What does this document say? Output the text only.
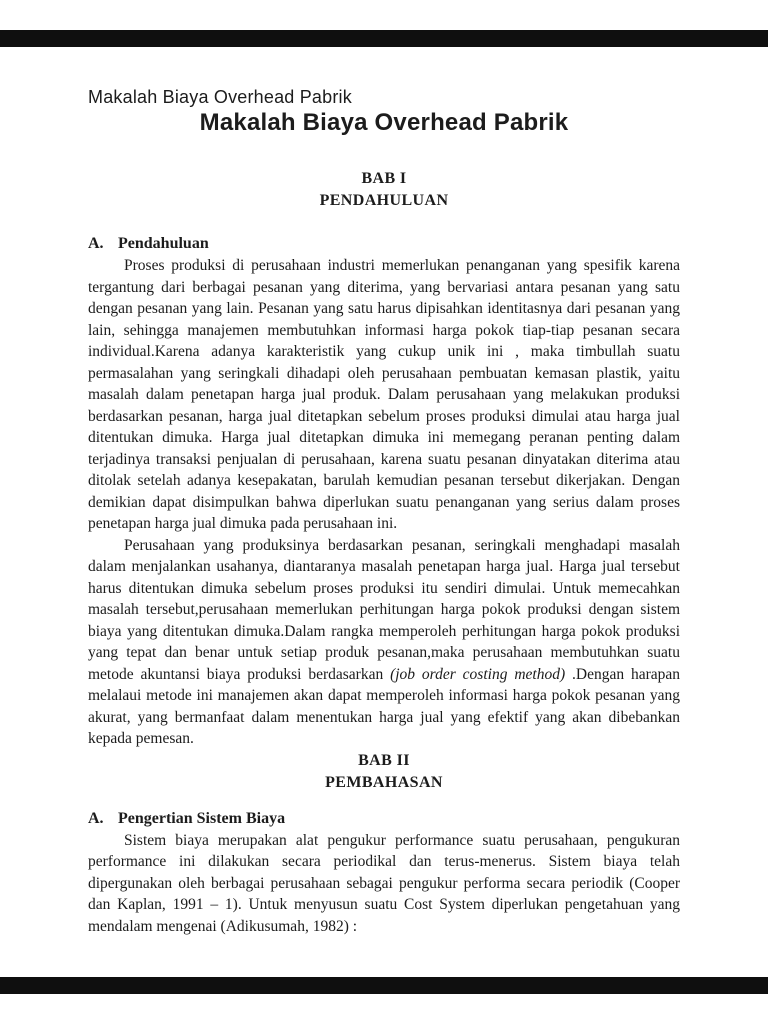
Makalah Biaya Overhead Pabrik
Makalah Biaya Overhead Pabrik
BAB I
PENDAHULUAN
A. Pendahuluan

Proses produksi di perusahaan industri memerlukan penanganan yang spesifik karena tergantung dari berbagai pesanan yang diterima, yang bervariasi antara pesanan yang satu dengan pesanan yang lain. Pesanan yang satu harus dipisahkan identitasnya dari pesanan yang lain, sehingga manajemen membutuhkan informasi harga pokok tiap-tiap pesanan secara individual.Karena adanya karakteristik yang cukup unik ini , maka timbullah suatu permasalahan yang seringkali dihadapi oleh perusahaan pembuatan kemasan plastik, yaitu masalah dalam penetapan harga jual produk. Dalam perusahaan yang melakukan produksi berdasarkan pesanan, harga jual ditetapkan sebelum proses produksi dimulai atau harga jual ditentukan dimuka. Harga jual ditetapkan dimuka ini memegang peranan penting dalam terjadinya transaksi penjualan di perusahaan, karena suatu pesanan dinyatakan diterima atau ditolak setelah adanya kesepakatan, barulah kemudian pesanan tersebut dikerjakan. Dengan demikian dapat disimpulkan bahwa diperlukan suatu penanganan yang serius dalam proses penetapan harga jual dimuka pada perusahaan ini.

Perusahaan yang produksinya berdasarkan pesanan, seringkali menghadapi masalah dalam menjalankan usahanya, diantaranya masalah penetapan harga jual. Harga jual tersebut harus ditentukan dimuka sebelum proses produksi itu sendiri dimulai. Untuk memecahkan masalah tersebut,perusahaan memerlukan perhitungan harga pokok produksi dengan sistem biaya yang ditentukan dimuka.Dalam rangka memperoleh perhitungan harga pokok produksi yang tepat dan benar untuk setiap produk pesanan,maka perusahaan membutuhkan suatu metode akuntansi biaya produksi berdasarkan (job order costing method) .Dengan harapan melalaui metode ini manajemen akan dapat memperoleh informasi harga pokok pesanan yang akurat, yang bermanfaat dalam menentukan harga jual yang efektif yang akan dibebankan kepada pemesan.

BAB II
PEMBAHASAN
A. Pengertian Sistem Biaya

Sistem biaya merupakan alat pengukur performance suatu perusahaan, pengukuran performance ini dilakukan secara periodikal dan terus-menerus. Sistem biaya telah dipergunakan oleh berbagai perusahaan sebagai pengukur performa secara periodik (Cooper dan Kaplan, 1991 – 1). Untuk menyusun suatu Cost System diperlukan pengetahuan yang mendalam mengenai (Adikusumah, 1982) :
